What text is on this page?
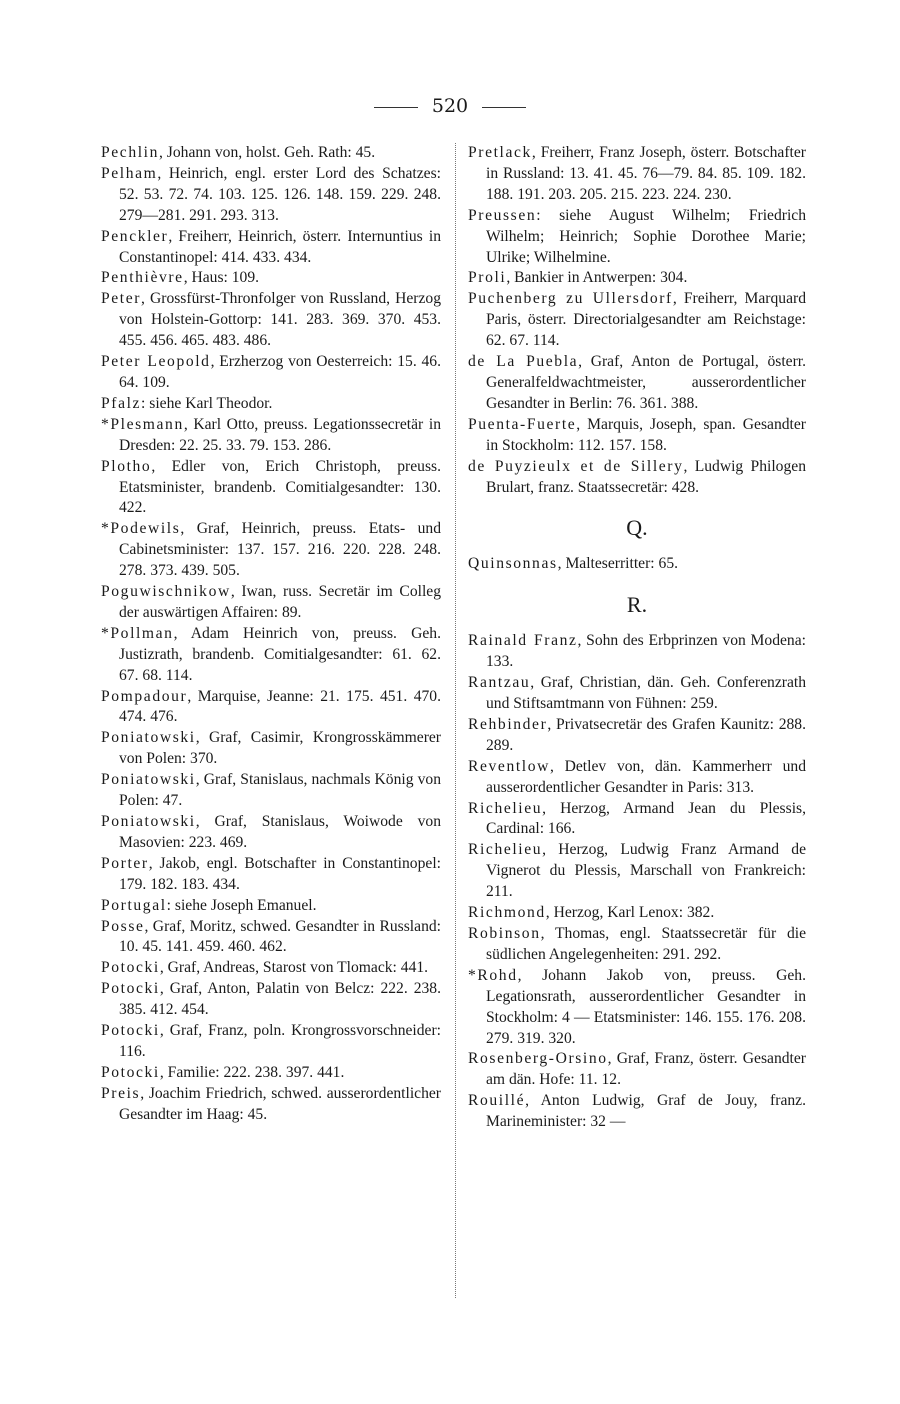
520
Pechlin, Johann von, holst. Geh. Rath: 45.
Pelham, Heinrich, engl. erster Lord des Schatzes: 52. 53. 72. 74. 103. 125. 126. 148. 159. 229. 248. 279—281. 291. 293. 313.
Penckler, Freiherr, Heinrich, österr. Internuntius in Constantinopel: 414. 433. 434.
Penthièvre, Haus: 109.
Peter, Grossfürst-Thronfolger von Russland, Herzog von Holstein-Gottorp: 141. 283. 369. 370. 453. 455. 456. 465. 483. 486.
Peter Leopold, Erzherzog von Oesterreich: 15. 46. 64. 109.
Pfalz: siehe Karl Theodor.
*Plesmann, Karl Otto, preuss. Legationssecretär in Dresden: 22. 25. 33. 79. 153. 286.
Plotho, Edler von, Erich Christoph, preuss. Etatsminister, brandenb. Comitialgesandter: 130. 422.
*Podewils, Graf, Heinrich, preuss. Etats- und Cabinetsminister: 137. 157. 216. 220. 228. 248. 278. 373. 439. 505.
Poguwischnikow, Iwan, russ. Secretär im Colleg der auswärtigen Affairen: 89.
*Pollman, Adam Heinrich von, preuss. Geh. Justizrath, brandenb. Comitialgesandter: 61. 62. 67. 68. 114.
Pompadour, Marquise, Jeanne: 21. 175. 451. 470. 474. 476.
Poniatowski, Graf, Casimir, Krongrosskämmerer von Polen: 370.
Poniatowski, Graf, Stanislaus, nachmals König von Polen: 47.
Poniatowski, Graf, Stanislaus, Woiwode von Masovien: 223. 469.
Porter, Jakob, engl. Botschafter in Constantinopel: 179. 182. 183. 434.
Portugal: siehe Joseph Emanuel.
Posse, Graf, Moritz, schwed. Gesandter in Russland: 10. 45. 141. 459. 460. 462.
Potocki, Graf, Andreas, Starost von Tlomack: 441.
Potocki, Graf, Anton, Palatin von Belcz: 222. 238. 385. 412. 454.
Potocki, Graf, Franz, poln. Krongrossvorschneider: 116.
Potocki, Familie: 222. 238. 397. 441.
Preis, Joachim Friedrich, schwed. ausserordentlicher Gesandter im Haag: 45.
Pretlack, Freiherr, Franz Joseph, österr. Botschafter in Russland: 13. 41. 45. 76—79. 84. 85. 109. 182. 188. 191. 203. 205. 215. 223. 224. 230.
Preussen: siehe August Wilhelm; Friedrich Wilhelm; Heinrich; Sophie Dorothee Marie; Ulrike; Wilhelmine.
Proli, Bankier in Antwerpen: 304.
Puchenberg zu Ullersdorf, Freiherr, Marquard Paris, österr. Directorialgesandter am Reichstage: 62. 67. 114.
de La Puebla, Graf, Anton de Portugal, österr. Generalfeldwachtmeister, ausserordentlicher Gesandter in Berlin: 76. 361. 388.
Puenta-Fuerte, Marquis, Joseph, span. Gesandter in Stockholm: 112. 157. 158.
de Puyzieulx et de Sillery, Ludwig Philogen Brulart, franz. Staatssecretär: 428.
Q.
Quinsonnas, Malteserritter: 65.
R.
Rainald Franz, Sohn des Erbprinzen von Modena: 133.
Rantzau, Graf, Christian, dän. Geh. Conferenzrath und Stiftsamtmann von Fühnen: 259.
Rehbinder, Privatsecretär des Grafen Kaunitz: 288. 289.
Reventlow, Detlev von, dän. Kammerherr und ausserordentlicher Gesandter in Paris: 313.
Richelieu, Herzog, Armand Jean du Plessis, Cardinal: 166.
Richelieu, Herzog, Ludwig Franz Armand de Vignerot du Plessis, Marschall von Frankreich: 211.
Richmond, Herzog, Karl Lenox: 382.
Robinson, Thomas, engl. Staatssecretär für die südlichen Angelegenheiten: 291. 292.
*Rohd, Johann Jakob von, preuss. Geh. Legationsrath, ausserordentlicher Gesandter in Stockholm: 4 — Etatsminister: 146. 155. 176. 208. 279. 319. 320.
Rosenberg-Orsino, Graf, Franz, österr. Gesandter am dän. Hofe: 11. 12.
Rouillé, Anton Ludwig, Graf de Jouy, franz. Marineminister: 32 —
